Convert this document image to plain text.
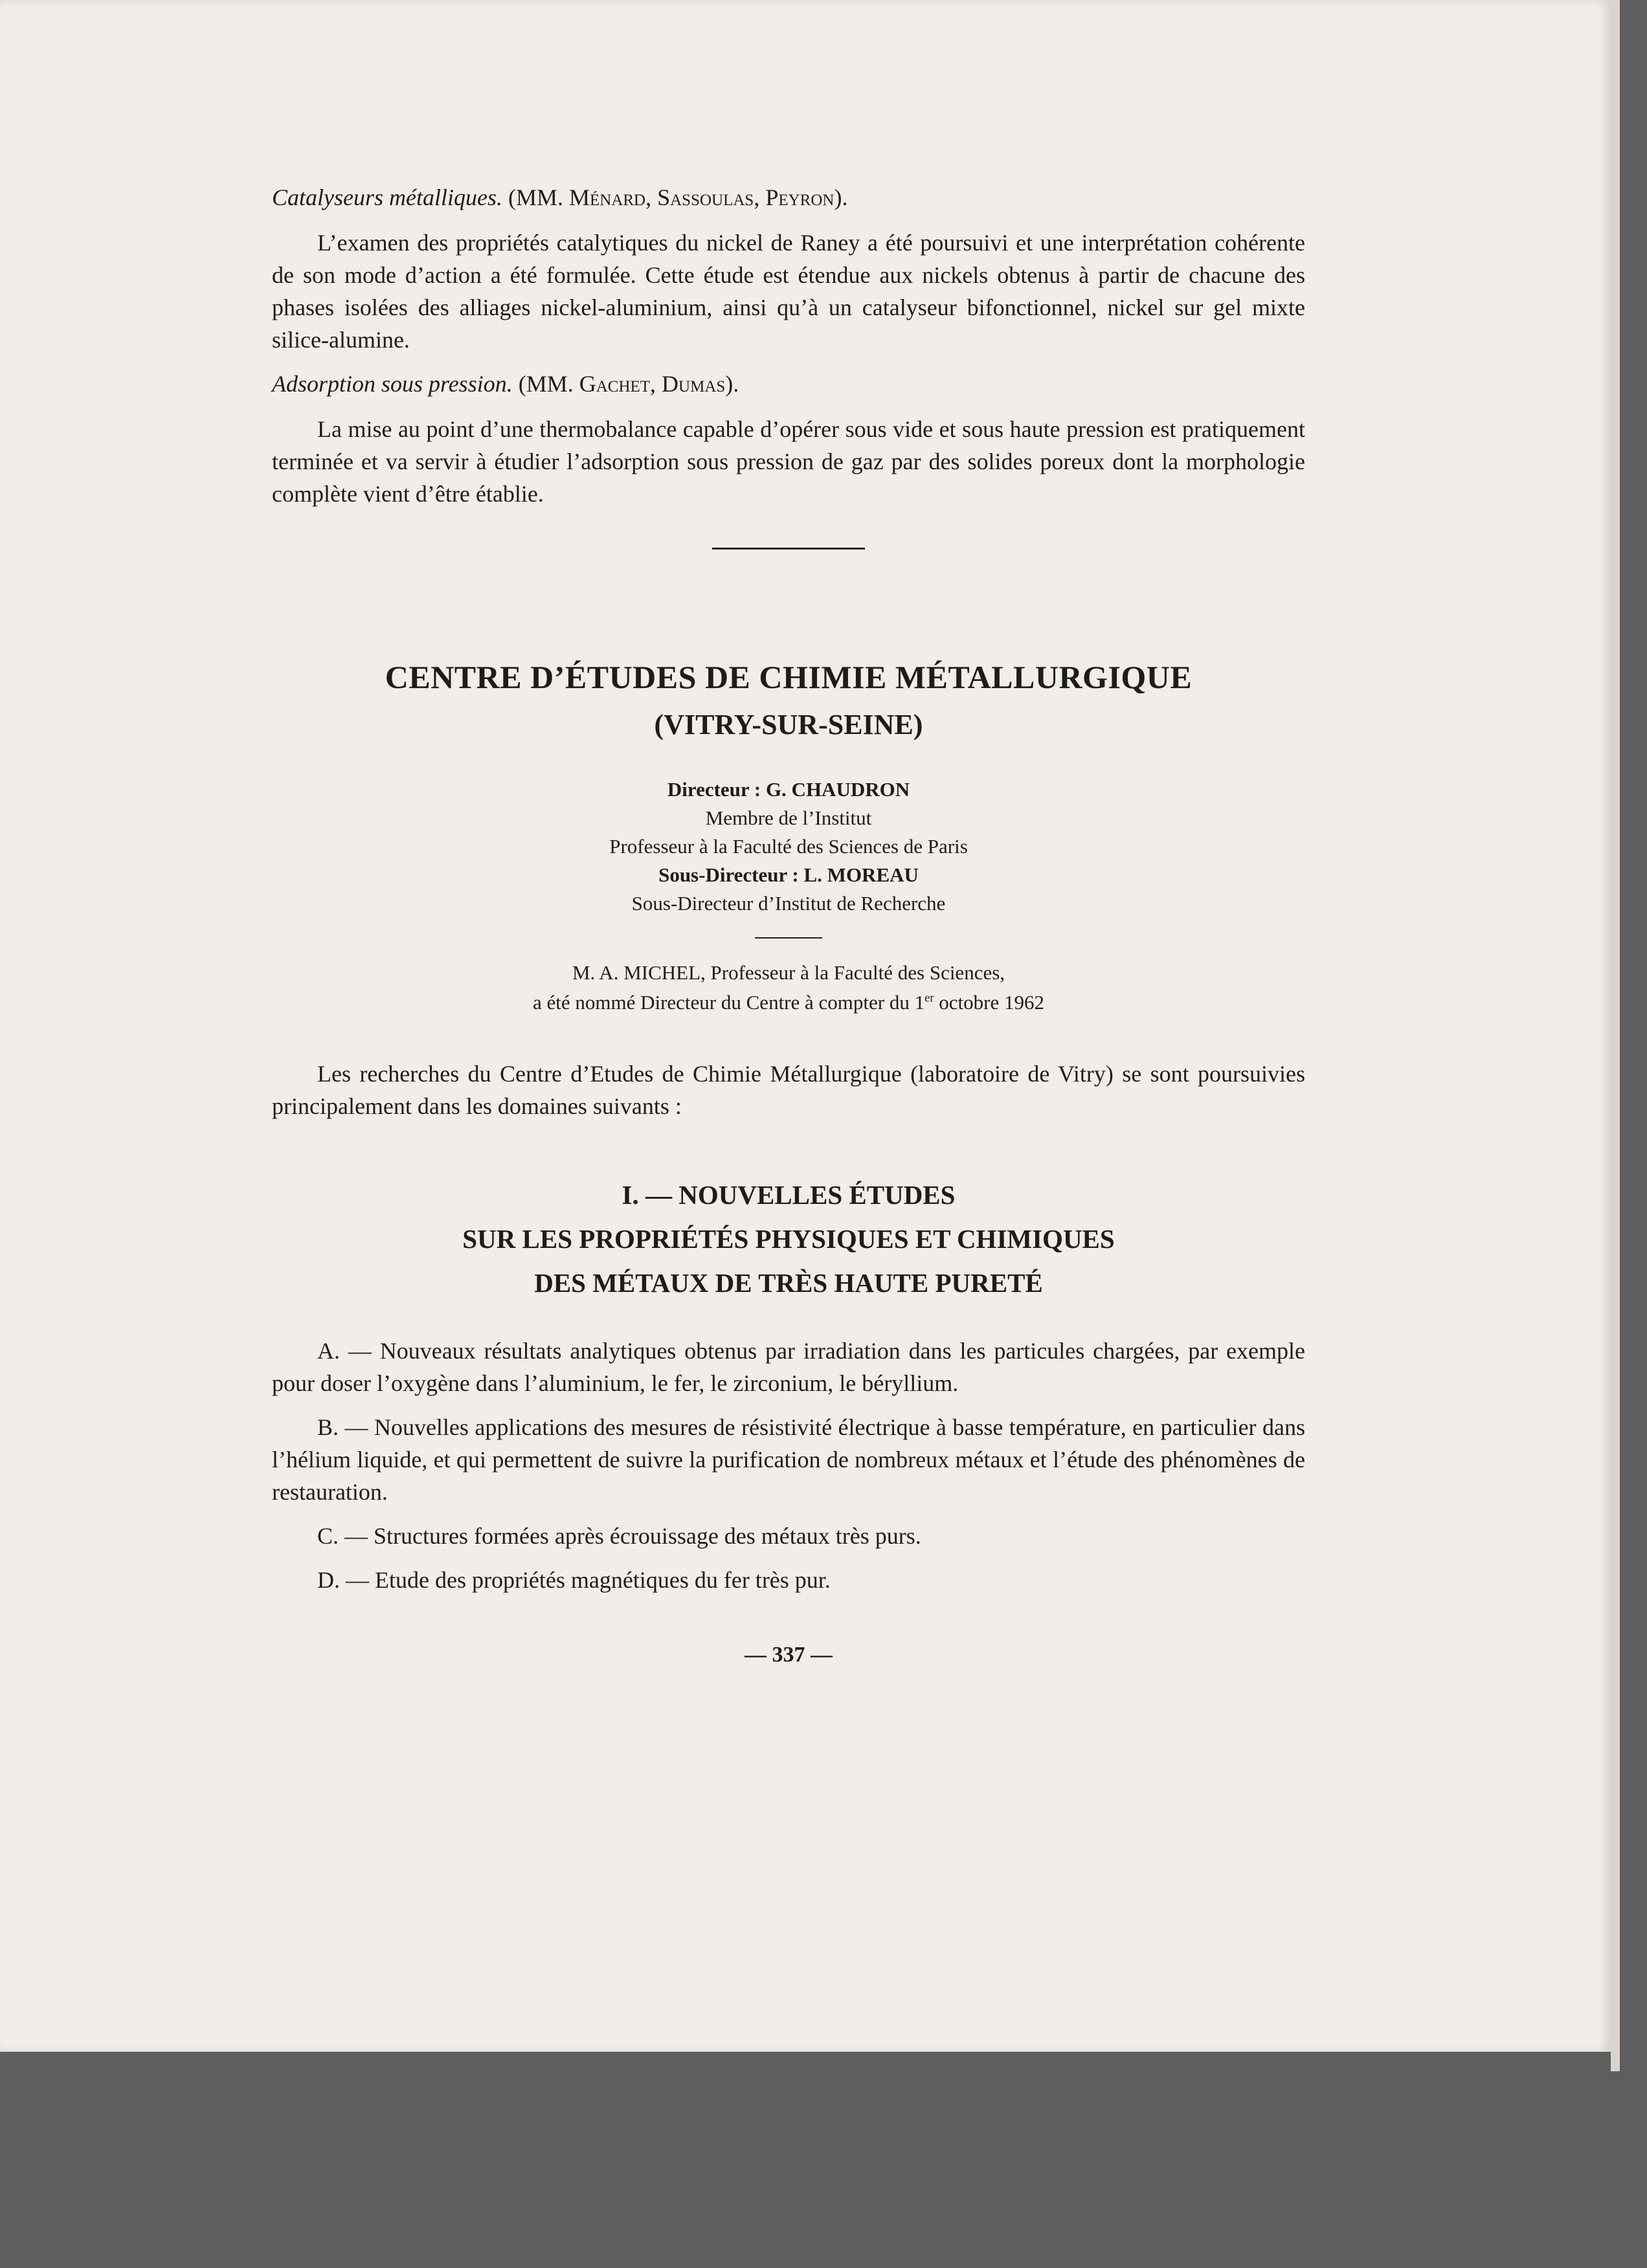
Catalyseurs métalliques. (MM. Ménard, Sassoulas, Peyron).

L’examen des propriétés catalytiques du nickel de Raney a été poursuivi et une interprétation cohérente de son mode d’action a été formulée. Cette étude est étendue aux nickels obtenus à partir de chacune des phases isolées des alliages nickel-aluminium, ainsi qu’à un catalyseur bifonctionnel, nickel sur gel mixte silice-alumine.

Adsorption sous pression. (MM. Gachet, Dumas).

La mise au point d’une thermobalance capable d’opérer sous vide et sous haute pression est pratiquement terminée et va servir à étudier l’adsorption sous pression de gaz par des solides poreux dont la morphologie complète vient d’être établie.

CENTRE D’ÉTUDES DE CHIMIE MÉTALLURGIQUE

(VITRY-SUR-SEINE)

Directeur : G. CHAUDRON

Membre de l’Institut

Professeur à la Faculté des Sciences de Paris

Sous-Directeur : L. MOREAU

Sous-Directeur d’Institut de Recherche

M. A. MICHEL, Professeur à la Faculté des Sciences,

a été nommé Directeur du Centre à compter du 1er octobre 1962

Les recherches du Centre d’Etudes de Chimie Métallurgique (laboratoire de Vitry) se sont poursuivies principalement dans les domaines suivants :

I. — NOUVELLES ÉTUDES

SUR LES PROPRIÉTÉS PHYSIQUES ET CHIMIQUES

DES MÉTAUX DE TRÈS HAUTE PURETÉ

A. — Nouveaux résultats analytiques obtenus par irradiation dans les particules chargées, par exemple pour doser l’oxygène dans l’aluminium, le fer, le zirconium, le béryllium.

B. — Nouvelles applications des mesures de résistivité électrique à basse température, en particulier dans l’hélium liquide, et qui permettent de suivre la purification de nombreux métaux et l’étude des phénomènes de restauration.

C. — Structures formées après écrouissage des métaux très purs.

D. — Etude des propriétés magnétiques du fer très pur.

— 337 —
